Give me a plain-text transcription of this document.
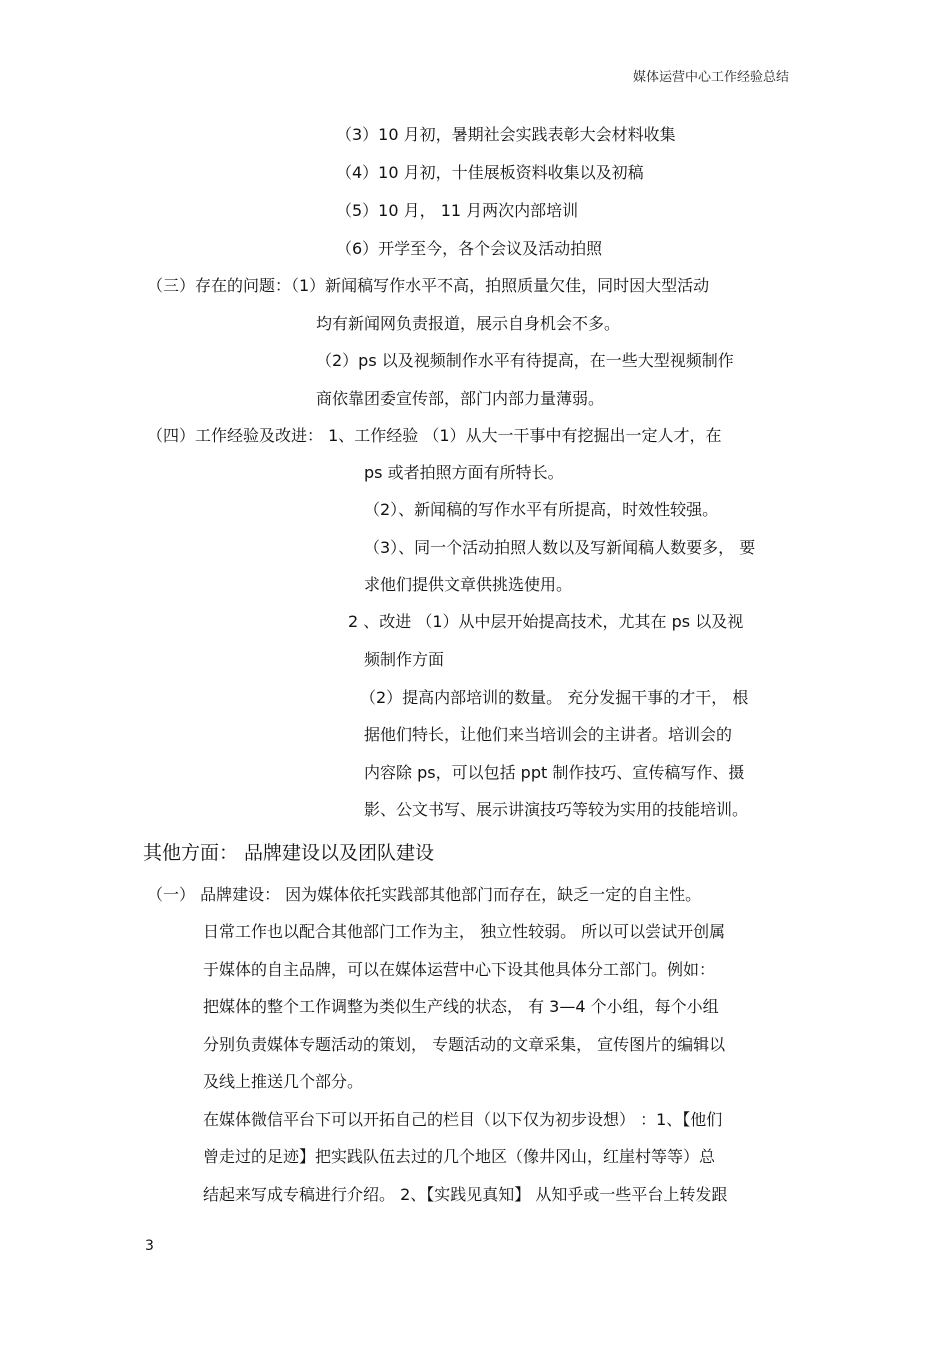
媒体运营中心工作经验总结
（3）10 月初，暑期社会实践表彰大会材料收集
（4）10 月初，十佳展板资料收集以及初稿
（5）10 月， 11 月两次内部培训
（6）开学至今，各个会议及活动拍照
（三）存在的问题：（1）新闻稿写作水平不高，拍照质量欠佳，同时因大型活动
均有新闻网负责报道，展示自身机会不多。
（2）ps 以及视频制作水平有待提高，在一些大型视频制作
商依靠团委宣传部，部门内部力量薄弱。
（四）工作经验及改进： 1、工作经验 （1）从大一干事中有挖掘出一定人才，在
ps 或者拍照方面有所特长。
（2）、新闻稿的写作水平有所提高，时效性较强。
（3）、同一个活动拍照人数以及写新闻稿人数要多， 要
求他们提供文章供挑选使用。
2 、改进 （1）从中层开始提高技术，尤其在 ps 以及视
频制作方面
（2）提高内部培训的数量。 充分发掘干事的才干， 根
据他们特长，让他们来当培训会的主讲者。培训会的
内容除 ps，可以包括 ppt 制作技巧、宣传稿写作、摄
影、公文书写、展示讲演技巧等较为实用的技能培训。
其他方面： 品牌建设以及团队建设
（一） 品牌建设： 因为媒体依托实践部其他部门而存在，缺乏一定的自主性。
日常工作也以配合其他部门工作为主， 独立性较弱。 所以可以尝试开创属
于媒体的自主品牌，可以在媒体运营中心下设其他具体分工部门。例如：
把媒体的整个工作调整为类似生产线的状态， 有 3—4 个小组，每个小组
分别负责媒体专题活动的策划， 专题活动的文章采集， 宣传图片的编辑以
及线上推送几个部分。
在媒体微信平台下可以开拓自己的栏目（以下仅为初步设想） ：1、【他们
曾走过的足迹】把实践队伍去过的几个地区（像井冈山，红崖村等等）总
结起来写成专稿进行介绍。 2、【实践见真知】 从知乎或一些平台上转发跟
3
